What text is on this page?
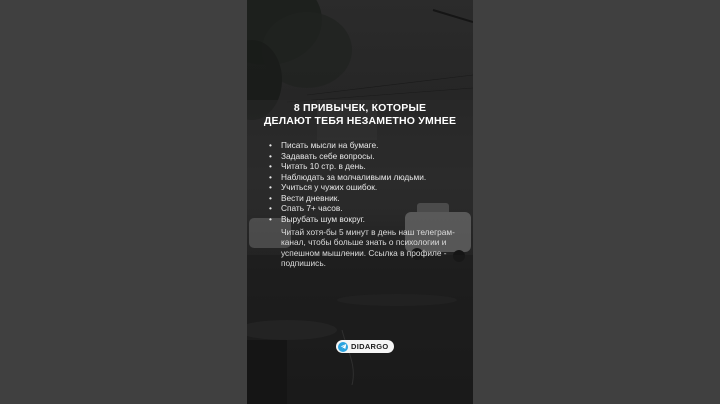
8 ПРИВЫЧЕК, КОТОРЫЕ
ДЕЛАЮТ ТЕБЯ НЕЗАМЕТНО УМНЕЕ
• Писать мысли на бумаге.
• Задавать себе вопросы.
• Читать 10 стр. в день.
• Наблюдать за молчаливыми людьми.
• Учиться у чужих ошибок.
• Вести дневник.
• Спать 7+ часов.
• Вырубать шум вокруг.
Читай хотя-бы 5 минут в день наш телеграм-канал, чтобы больше знать о психологии и успешном мышлении. Ссылка в профиле - подпишись.
DIDARGO
